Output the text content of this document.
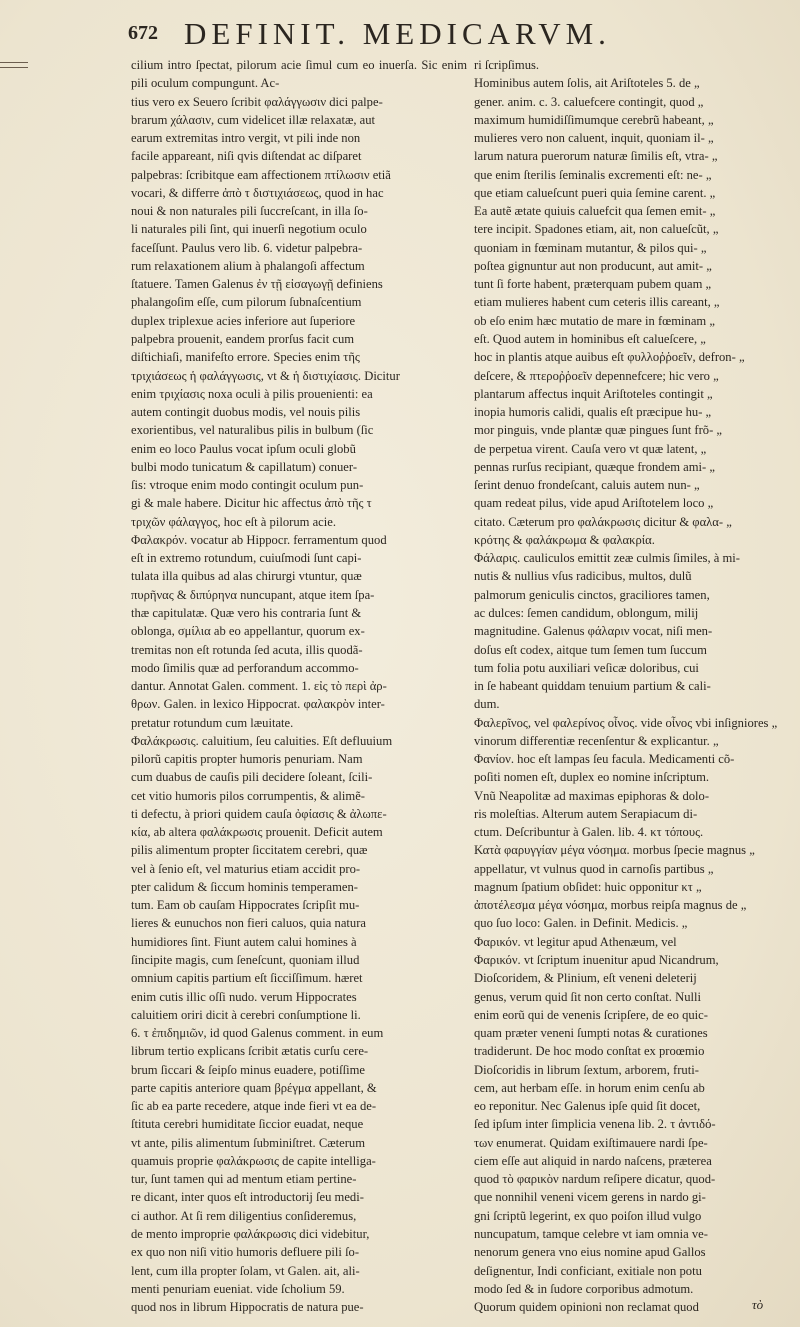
672 DEFINIT. MEDICARVM.

cilium intro ſpectat, pilorum acie ſimul cum eo inuerſa. Sic enim pili oculum compungunt. Ac-

tius vero ex Seuero ſcribit φαλάγγωσιν dici palpe-

brarum χάλασιν, cum videlicet illæ relaxatæ, aut

earum extremitas intro vergit, vt pili inde non

facile appareant, niſi qvis diſtendat ac diſparet

palpebras: ſcribitque eam affectionem πτίλωσιν etiã

vocari, & differre ἀπὸ τ διστιχιάσεως, quod in hac

noui & non naturales pili ſuccreſcant, in illa ſo-

li naturales pili ſint, qui inuerſi negotium oculo

faceſſunt. Paulus vero lib. 6. videtur palpebra-

rum relaxationem alium à phalangoſi affectum

ſtatuere. Tamen Galenus ἐν τῇ εἰσαγωγῇ definiens

phalangoſim eſſe, cum pilorum ſubnaſcentium

duplex triplexue acies inferiore aut ſuperiore

palpebra prouenit, eandem prorſus facit cum

diſtichiaſi, manifeſto errore. Species enim τῆς

τριχιάσεως ἡ φαλάγγωσις, vt & ἡ διστιχίασις. Dicitur

enim τριχίασις noxa oculi à pilis prouenienti: ea

autem contingit duobus modis, vel nouis pilis

exorientibus, vel naturalibus pilis in bulbum (ſic

enim eo loco Paulus vocat ipſum oculi globũ

bulbi modo tunicatum & capillatum) conuer-

ſis: vtroque enim modo contingit oculum pun-

gi & male habere. Dicitur hic affectus ἀπὸ τῆς τ

τριχῶν φάλαγγος, hoc eſt à pilorum acie.

Φαλακρόν. vocatur ab Hippocr. ferramentum quod

eſt in extremo rotundum, cuiuſmodi ſunt capi-

tulata illa quibus ad alas chirurgi vtuntur, quæ

πυρῆνας & διπύρηνα nuncupant, atque item ſpa-

thæ capitulatæ. Quæ vero his contraria ſunt &

oblonga, σμίλια ab eo appellantur, quorum ex-

tremitas non eſt rotunda ſed acuta, illis quodã-

modo ſimilis quæ ad perforandum accommo-

dantur. Annotat Galen. comment. 1. εἰς τὸ περὶ ἀρ-

θρων. Galen. in lexico Hippocrat. φαλακρὸν inter-

pretatur rotundum cum læuitate.

Φαλάκρωσις. caluitium, ſeu caluities. Eſt defluuium

pilorũ capitis propter humoris penuriam. Nam

cum duabus de cauſis pili decidere ſoleant, ſcili-

cet vitio humoris pilos corrumpentis, & alimẽ-

ti defectu, à priori quidem cauſa ὀφίασις & ἀλωπε-

κία, ab altera φαλάκρωσις prouenit. Deficit autem

pilis alimentum propter ſiccitatem cerebri, quæ

vel à ſenio eſt, vel maturius etiam accidit pro-

pter calidum & ſiccum hominis temperamen-

tum. Eam ob cauſam Hippocrates ſcripſit mu-

lieres & eunuchos non fieri caluos, quia natura

humidiores ſint. Fiunt autem calui homines à

ſincipite magis, cum ſeneſcunt, quoniam illud

omnium capitis partium eſt ſicciſſimum. hæret

enim cutis illic oſſi nudo. verum Hippocrates

caluitiem oriri dicit à cerebri conſumptione li.

6. τ ἐπιδημιῶν, id quod Galenus comment. in eum

librum tertio explicans ſcribit ætatis curſu cere-

brum ſiccari & ſeipſo minus euadere, potiſſime

parte capitis anteriore quam βρέγμα appellant, &

ſic ab ea parte recedere, atque inde fieri vt ea de-

ſtituta cerebri humiditate ſiccior euadat, neque

vt ante, pilis alimentum ſubminiſtret. Cæterum

quamuis proprie φαλάκρωσις de capite intelliga-

tur, ſunt tamen qui ad mentum etiam pertine-

re dicant, inter quos eſt introductorij ſeu medi-

ci author. At ſi rem diligentius conſideremus,

de mento improprie φαλάκρωσις dici videbitur,

ex quo non niſi vitio humoris defluere pili ſo-

lent, cum illa propter ſolam, vt Galen. ait, ali-

menti penuriam eueniat. vide ſcholium 59.

quod nos in librum Hippocratis de natura pue-

ri ſcripſimus.

Hominibus autem ſolis, ait Ariſtoteles 5. de „

gener. anim. c. 3. caluefcere contingit, quod „

maximum humidiſſimumque cerebrũ habeant, „

mulieres vero non caluent, inquit, quoniam il- „

larum natura puerorum naturæ ſimilis eſt, vtra- „

que enim ſterilis ſeminalis excrementi eſt: ne- „

que etiam calueſcunt pueri quia ſemine carent. „

Ea autẽ ætate quiuis caluefcit qua ſemen emit- „

tere incipit. Spadones etiam, ait, non calueſcũt, „

quoniam in fœminam mutantur, & pilos qui- „

poſtea gignuntur aut non producunt, aut amit- „

tunt ſi forte habent, præterquam pubem quam „

etiam mulieres habent cum ceteris illis careant, „

ob eſo enim hæc mutatio de mare in fœminam „

eſt. Quod autem in hominibus eſt calueſcere, „

hoc in plantis atque auibus eſt φυλλοῤῥοεῖν, defron- „

deſcere, & πτεροῤῥοεῖν depennefcere; hic vero „

plantarum affectus inquit Ariſtoteles contingit „

inopia humoris calidi, qualis eſt præcipue hu- „

mor pinguis, vnde plantæ quæ pingues ſunt frõ- „

de perpetua virent. Cauſa vero vt quæ latent, „

pennas rurſus recipiant, quæque frondem ami- „

ſerint denuo frondeſcant, caluis autem nun- „

quam redeat pilus, vide apud Ariſtotelem loco „

citato. Cæterum pro φαλάκρωσις dicitur & φαλα- „

κρότης & φαλάκρωμα & φαλακρία.

Φάλαρις. cauliculos emittit zeæ culmis ſimiles, à mi-

nutis & nullius vſus radicibus, multos, dulũ

palmorum geniculis cinctos, graciliores tamen,

ac dulces: ſemen candidum, oblongum, milij

magnitudine. Galenus φάλαριν vocat, niſi men-

doſus eſt codex, aitque tum ſemen tum ſuccum

tum folia potu auxiliari veſicæ doloribus, cui

in ſe habeant quiddam tenuium partium & cali-

dum.

Φαλερῖνος, vel φαλερίνος οἶνος. vide οἶνος vbi inſigniores „

vinorum differentiæ recenſentur & explicantur. „

Φανίον. hoc eſt lampas ſeu facula. Medicamenti cõ-

poſiti nomen eſt, duplex eo nomine inſcriptum.

Vnũ Neapolitæ ad maximas epiphoras & dolo-

ris moleſtias. Alterum autem Serapiacum di-

ctum. Deſcribuntur à Galen. lib. 4. κτ τόπους.

Κατὰ φαρυγγίαν μέγα νόσημα. morbus ſpecie magnus „

appellatur, vt vulnus quod in carnoſis partibus „

magnum ſpatium obſidet: huic opponitur κτ „

ἀποτέλεσμα μέγα νόσημα, morbus reipſa magnus de „

quo ſuo loco: Galen. in Definit. Medicis. „

Φαρικόν. vt legitur apud Athenæum, vel

Φαρικόν. vt ſcriptum inuenitur apud Nicandrum,

Dioſcoridem, & Plinium, eſt veneni deleterij

genus, verum quid ſit non certo conſtat. Nulli

enim eorũ qui de venenis ſcripſere, de eo quic-

quam præter veneni ſumpti notas & curationes

tradiderunt. De hoc modo conſtat ex proœmio

Dioſcoridis in librum ſextum, arborem, fruti-

cem, aut herbam eſſe. in horum enim cenſu ab

eo reponitur. Nec Galenus ipſe quid ſit docet,

ſed ipſum inter ſimplicia venena lib. 2. τ ἀντιδό-

των enumerat. Quidam exiſtimauere nardi ſpe-

ciem eſſe aut aliquid in nardo naſcens, præterea

quod τὸ φαρικὸν nardum reſipere dicatur, quod-

que nonnihil veneni vicem gerens in nardo gi-

gni ſcriptũ legerint, ex quo poiſon illud vulgo

nuncupatum, tamque celebre vt iam omnia ve-

nenorum genera vno eius nomine apud Gallos

deſignentur, Indi conficiant, exitiale non potu

modo ſed & in ſudore corporibus admotum.

Quorum quidem opinioni non reclamat quod	τὸ
